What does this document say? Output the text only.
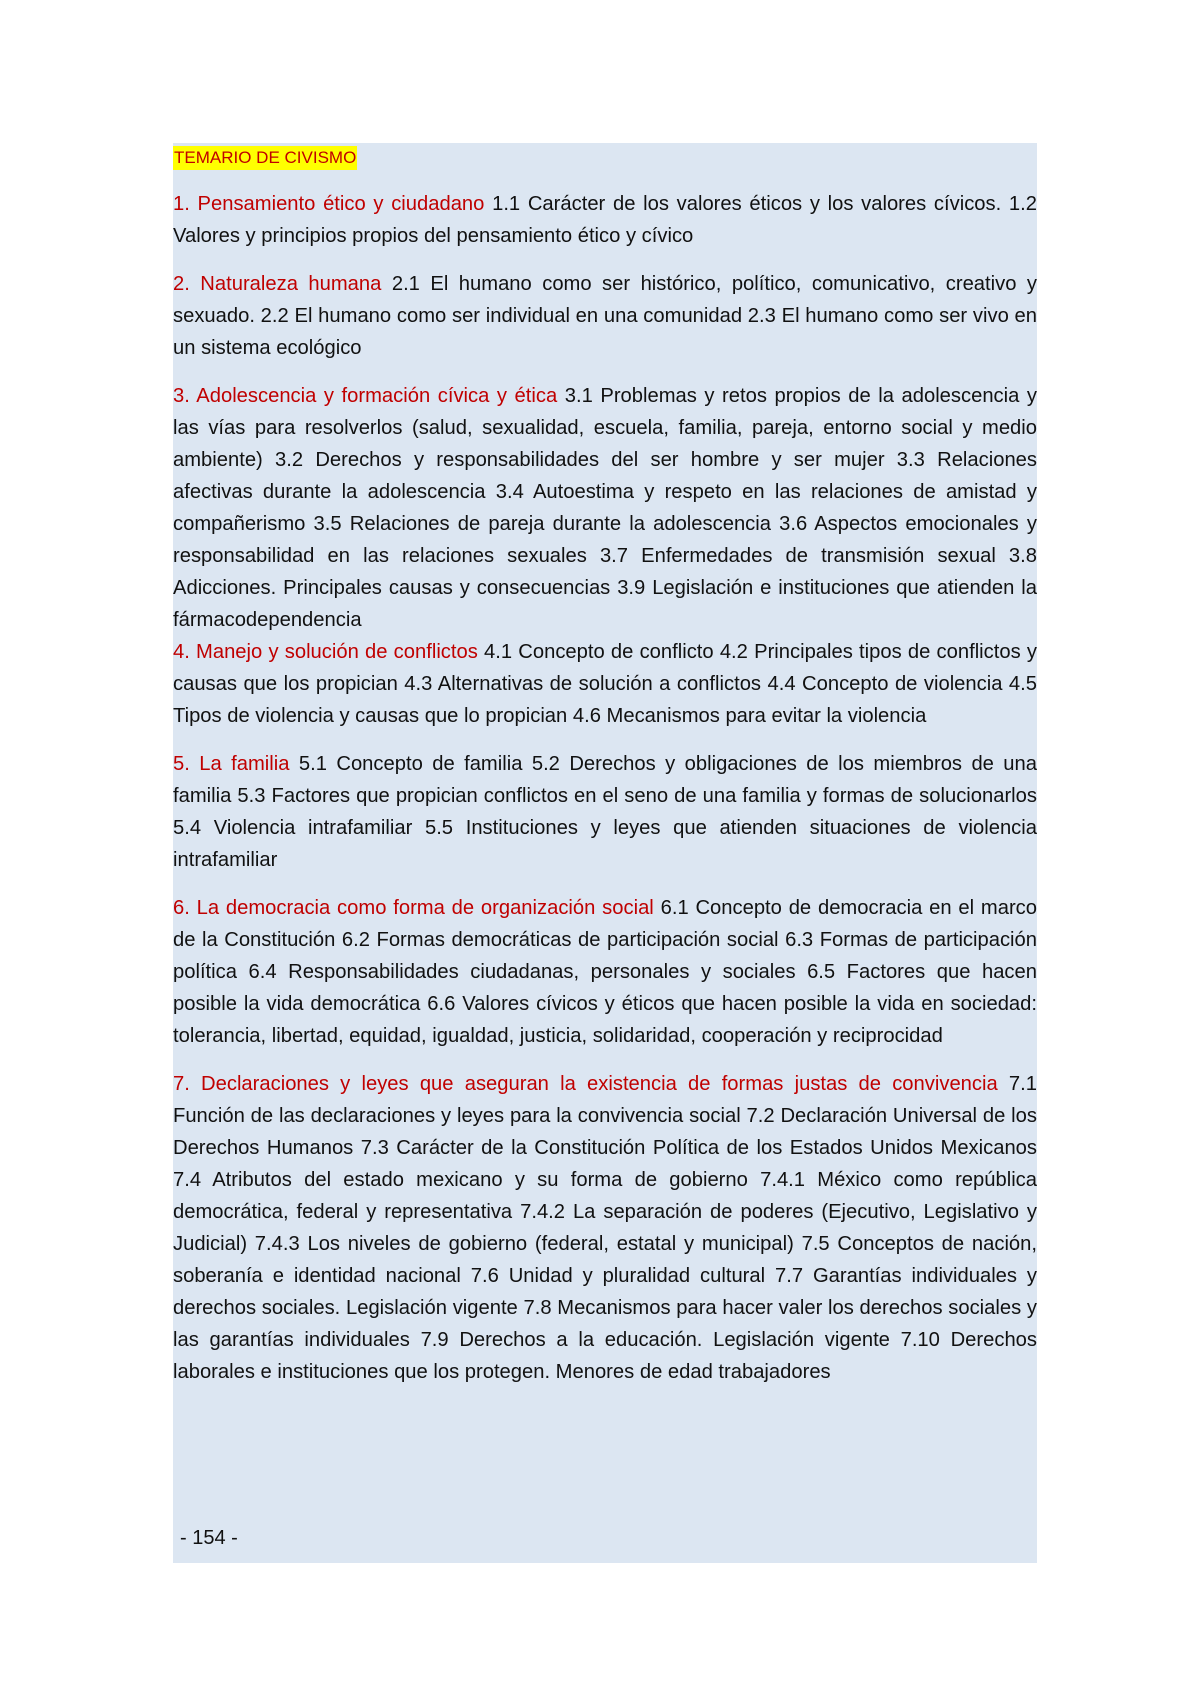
TEMARIO DE CIVISMO

1. Pensamiento ético y ciudadano 1.1 Carácter de los valores éticos y los valores cívicos. 1.2 Valores y principios propios del pensamiento ético y cívico

2. Naturaleza humana 2.1 El humano como ser histórico, político, comunicativo, creativo y sexuado. 2.2 El humano como ser individual en una comunidad 2.3 El humano como ser vivo en un sistema ecológico

3. Adolescencia y formación cívica y ética 3.1 Problemas y retos propios de la adolescencia y las vías para resolverlos (salud, sexualidad, escuela, familia, pareja, entorno social y medio ambiente) 3.2 Derechos y responsabilidades del ser hombre y ser mujer 3.3 Relaciones afectivas durante la adolescencia 3.4 Autoestima y respeto en las relaciones de amistad y compañerismo 3.5 Relaciones de pareja durante la adolescencia 3.6 Aspectos emocionales y responsabilidad en las relaciones sexuales 3.7 Enfermedades de transmisión sexual 3.8 Adicciones. Principales causas y consecuencias 3.9 Legislación e instituciones que atienden la fármacodependencia

4. Manejo y solución de conflictos 4.1 Concepto de conflicto 4.2 Principales tipos de conflictos y causas que los propician 4.3 Alternativas de solución a conflictos 4.4 Concepto de violencia 4.5 Tipos de violencia y causas que lo propician 4.6 Mecanismos para evitar la violencia

5. La familia 5.1 Concepto de familia 5.2 Derechos y obligaciones de los miembros de una familia 5.3 Factores que propician conflictos en el seno de una familia y formas de solucionarlos 5.4 Violencia intrafamiliar 5.5 Instituciones y leyes que atienden situaciones de violencia intrafamiliar

6. La democracia como forma de organización social 6.1 Concepto de democracia en el marco de la Constitución 6.2 Formas democráticas de participación social 6.3 Formas de participación política 6.4 Responsabilidades ciudadanas, personales y sociales 6.5 Factores que hacen posible la vida democrática 6.6 Valores cívicos y éticos que hacen posible la vida en sociedad: tolerancia, libertad, equidad, igualdad, justicia, solidaridad, cooperación y reciprocidad

7. Declaraciones y leyes que aseguran la existencia de formas justas de convivencia 7.1 Función de las declaraciones y leyes para la convivencia social 7.2 Declaración Universal de los Derechos Humanos 7.3 Carácter de la Constitución Política de los Estados Unidos Mexicanos 7.4 Atributos del estado mexicano y su forma de gobierno 7.4.1 México como república democrática, federal y representativa 7.4.2 La separación de poderes (Ejecutivo, Legislativo y Judicial) 7.4.3 Los niveles de gobierno (federal, estatal y municipal) 7.5 Conceptos de nación, soberanía e identidad nacional 7.6 Unidad y pluralidad cultural 7.7 Garantías individuales y derechos sociales. Legislación vigente 7.8 Mecanismos para hacer valer los derechos sociales y las garantías individuales 7.9 Derechos a la educación. Legislación vigente 7.10 Derechos laborales e instituciones que los protegen. Menores de edad trabajadores

- 154 -
